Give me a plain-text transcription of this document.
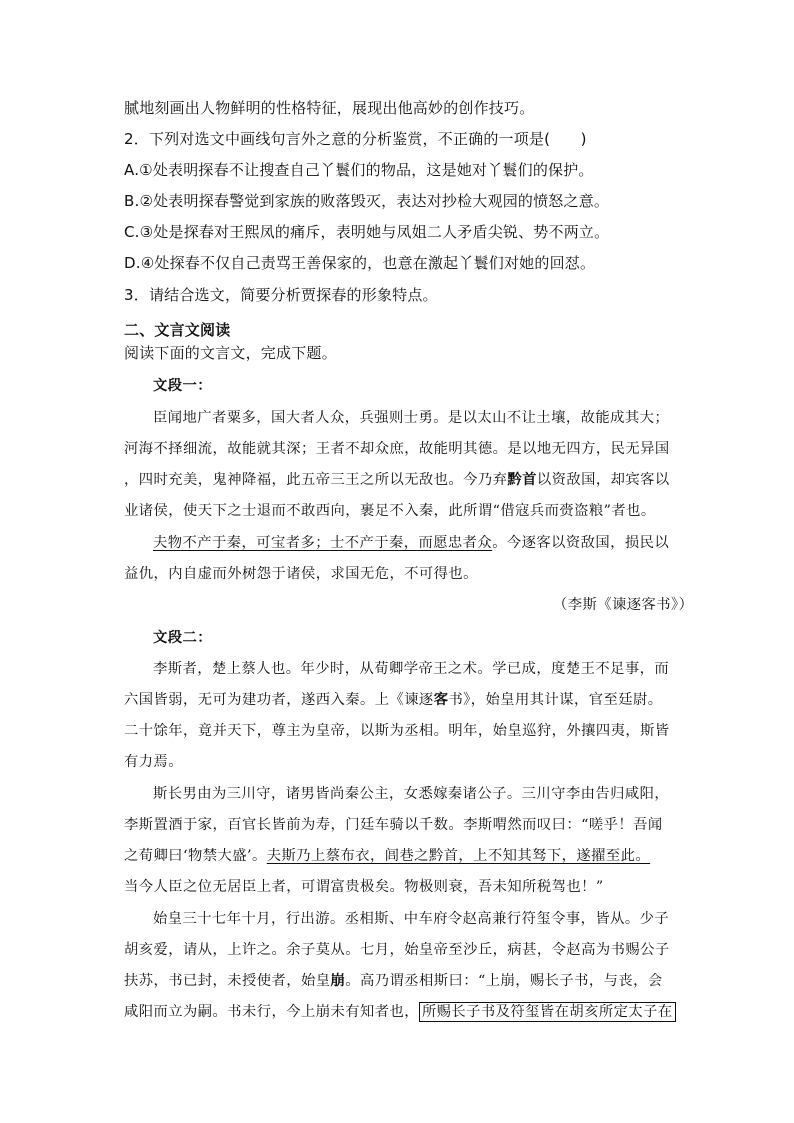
腻地刻画出人物鲜明的性格特征，展现出他高妙的创作技巧。
2．下列对选文中画线句言外之意的分析鉴赏，不正确的一项是(　　)
A.①处表明探春不让搜查自己丫鬟们的物品，这是她对丫鬟们的保护。
B.②处表明探春警觉到家族的败落毁灭，表达对抄检大观园的愤怒之意。
C.③处是探春对王熙凤的痛斥，表明她与凤姐二人矛盾尖锐、势不两立。
D.④处探春不仅自己责骂王善保家的，也意在激起丫鬟们对她的回怼。
3．请结合选文，简要分析贾探春的形象特点。
二、文言文阅读
阅读下面的文言文，完成下题。
文段一：
臣闻地广者粟多，国大者人众，兵强则士勇。是以太山不让土壤，故能成其大；
河海不择细流，故能就其深；王者不却众庶，故能明其德。是以地无四方，民无异国
，四时充美，鬼神降福，此五帝三王之所以无敌也。今乃弃黔首以资敌国，却宾客以
业诸侯，使天下之士退而不敢西向，裹足不入秦，此所谓“借寇兵而赍盗粮”者也。
夫物不产于秦，可宝者多；士不产于秦，而愿忠者众。今逐客以资敌国，损民以
益仇，内自虚而外树怨于诸侯，求国无危，不可得也。
（李斯《谏逐客书》）
文段二：
李斯者，楚上蔡人也。年少时，从荀卿学帝王之术。学已成，度楚王不足事，而
六国皆弱，无可为建功者，遂西入秦。上《谏逐客书》，始皇用其计谋，官至廷尉。
二十馀年，竟并天下，尊主为皇帝，以斯为丞相。明年，始皇巡狩，外攘四夷，斯皆
有力焉。
斯长男由为三川守，诸男皆尚秦公主，女悉嫁秦诸公子。三川守李由告归咸阳，
李斯置酒于家，百官长皆前为寿，门廷车骑以千数。李斯喟然而叹曰：“嗟乎！吾闻
之荀卿曰‘物禁大盛’。夫斯乃上蔡布衣，闾巷之黔首，上不知其驽下，遂擢至此。
当今人臣之位无居臣上者，可谓富贵极矣。物极则衰，吾未知所税驾也！”
始皇三十七年十月，行出游。丞相斯、中车府令赵高兼行符玺令事，皆从。少子
胡亥爱，请从，上许之。余子莫从。七月，始皇帝至沙丘，病甚，令赵高为书赐公子
扶苏，书已封，未授使者，始皇崩。高乃谓丞相斯曰：“上崩，赐长子书，与丧，会
咸阳而立为嗣。书未行，今上崩未有知者也， 所赐长子书及符玺皆在胡亥所定太子在
